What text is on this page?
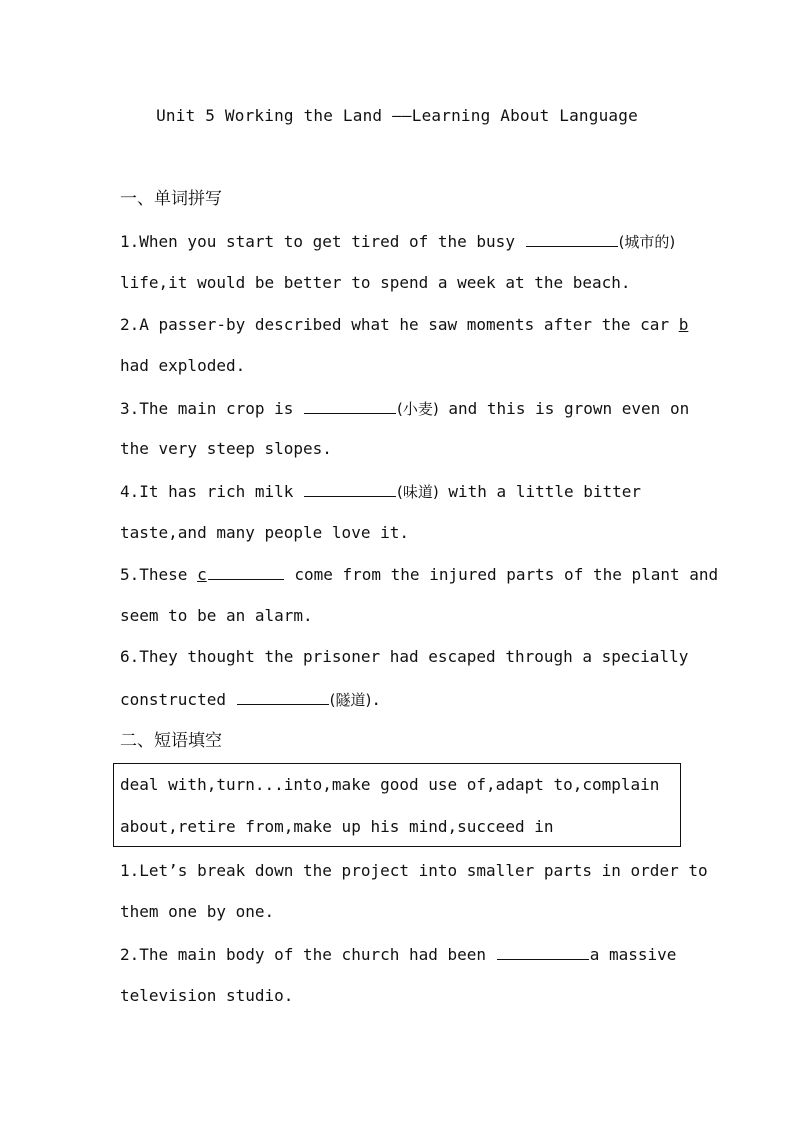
Unit 5 Working the Land ——Learning About Language
一、单词拼写
1.When you start to get tired of the busy	(城市的)
life,it would be better to spend a week at the beach.
2.A passer-by described what he saw moments after the car b
had exploded.
3.The main crop is	(小麦) and this is grown even on
the very steep slopes.
4.It has rich milk	(味道) with a little bitter
taste,and many people love it.
5.These c	come from the injured parts of the plant and
seem to be an alarm.
6.They thought the prisoner had escaped through a specially
constructed	(隧道).
二、短语填空
deal with,turn...into,make good use of,adapt to,complain
about,retire from,make up his mind,succeed in
1.Let’s break down the project into smaller parts in order to
them one by one.
2.The main body of the church had been	a massive
television studio.
